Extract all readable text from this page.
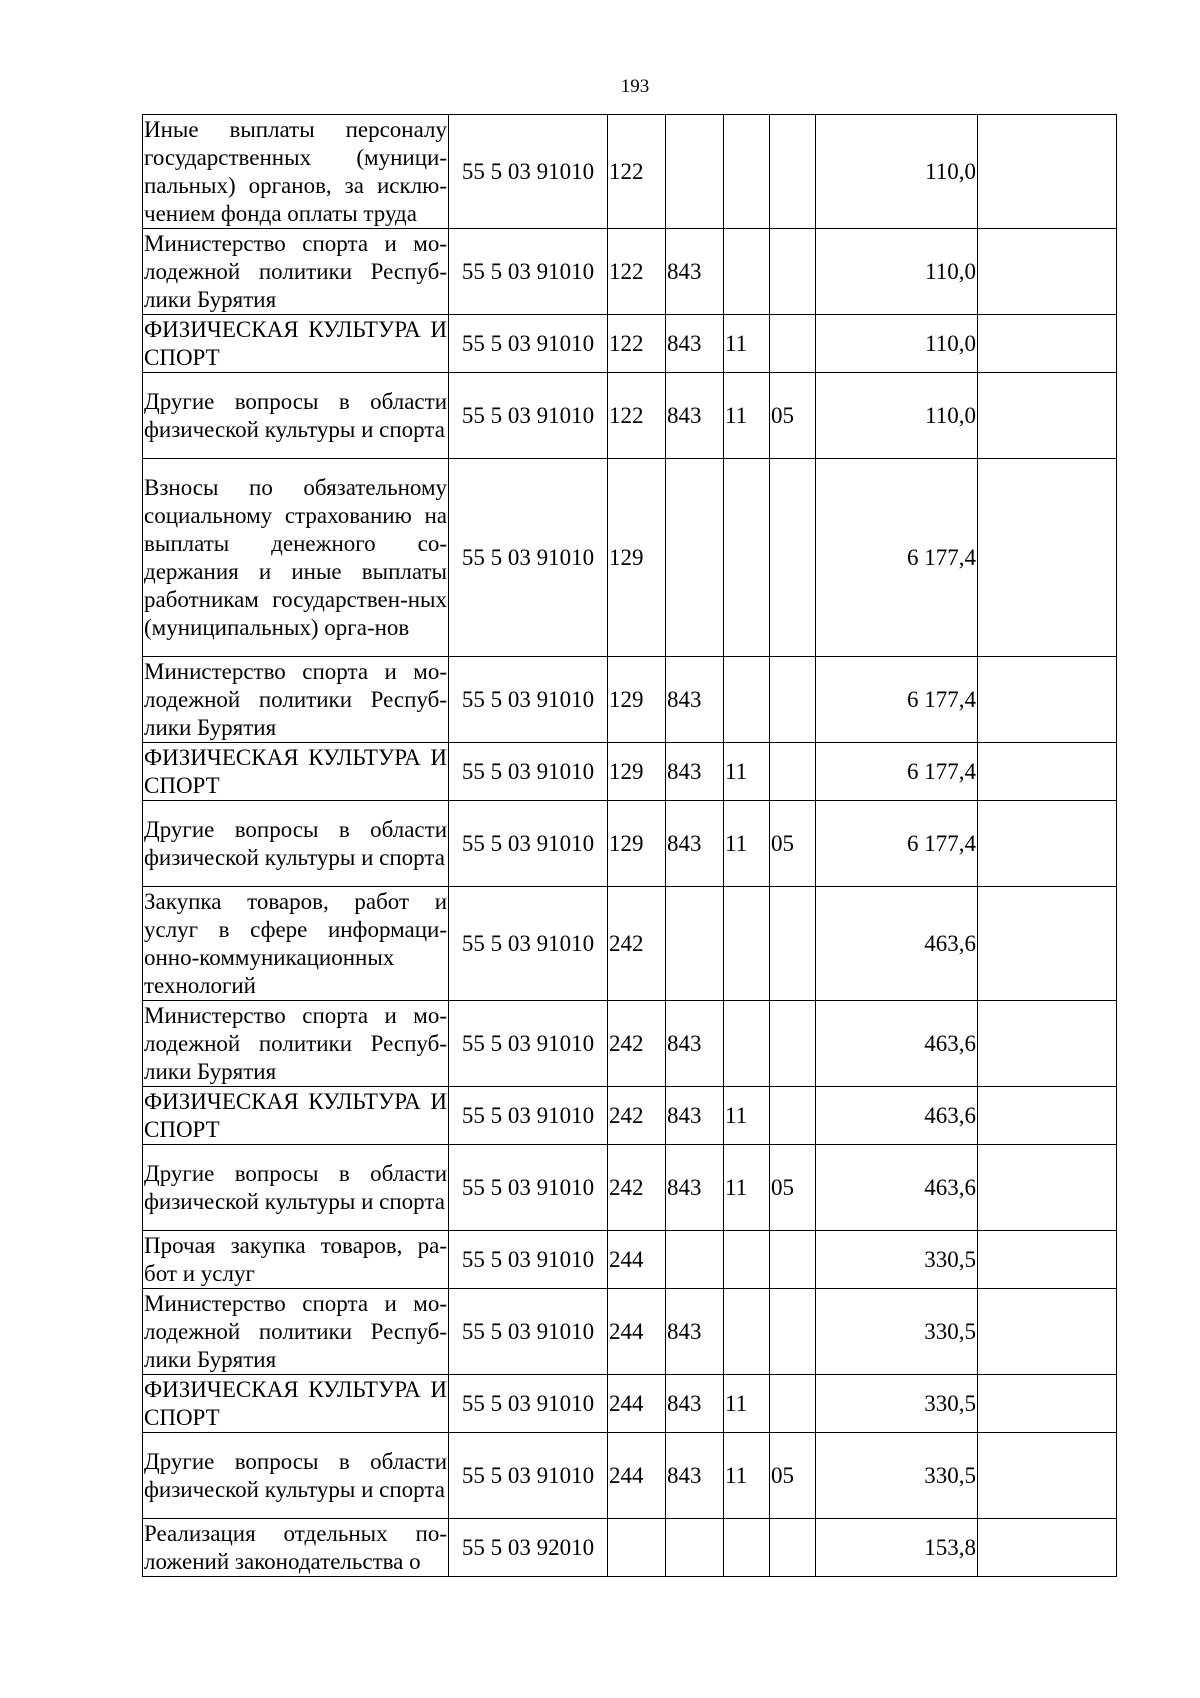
193
Иные выплаты персоналу государственных (муници-пальных) органов, за исклю-чением фонда оплаты труда	55 5 03 91010	122				110,0	
Министерство спорта и мо-лодежной политики Респуб-лики Бурятия	55 5 03 91010	122	843			110,0	
ФИЗИЧЕСКАЯ КУЛЬТУРА И СПОРТ	55 5 03 91010	122	843	11		110,0	
Другие вопросы в области физической культуры и спорта	55 5 03 91010	122	843	11	05	110,0	
Взносы по обязательному социальному страхованию на выплаты денежного со-держания и иные выплаты работникам государствен-ных (муниципальных) орга-нов	55 5 03 91010	129				6 177,4	
Министерство спорта и мо-лодежной политики Респуб-лики Бурятия	55 5 03 91010	129	843			6 177,4	
ФИЗИЧЕСКАЯ КУЛЬТУРА И СПОРТ	55 5 03 91010	129	843	11		6 177,4	
Другие вопросы в области физической культуры и спорта	55 5 03 91010	129	843	11	05	6 177,4	
Закупка товаров, работ и услуг в сфере информаци-онно-коммуникационных технологий	55 5 03 91010	242				463,6	
Министерство спорта и мо-лодежной политики Респуб-лики Бурятия	55 5 03 91010	242	843			463,6	
ФИЗИЧЕСКАЯ КУЛЬТУРА И СПОРТ	55 5 03 91010	242	843	11		463,6	
Другие вопросы в области физической культуры и спорта	55 5 03 91010	242	843	11	05	463,6	
Прочая закупка товаров, ра-бот и услуг	55 5 03 91010	244				330,5	
Министерство спорта и мо-лодежной политики Респуб-лики Бурятия	55 5 03 91010	244	843			330,5	
ФИЗИЧЕСКАЯ КУЛЬТУРА И СПОРТ	55 5 03 91010	244	843	11		330,5	
Другие вопросы в области физической культуры и спорта	55 5 03 91010	244	843	11	05	330,5	
Реализация отдельных по-ложений законодательства о	55 5 03 92010					153,8	
